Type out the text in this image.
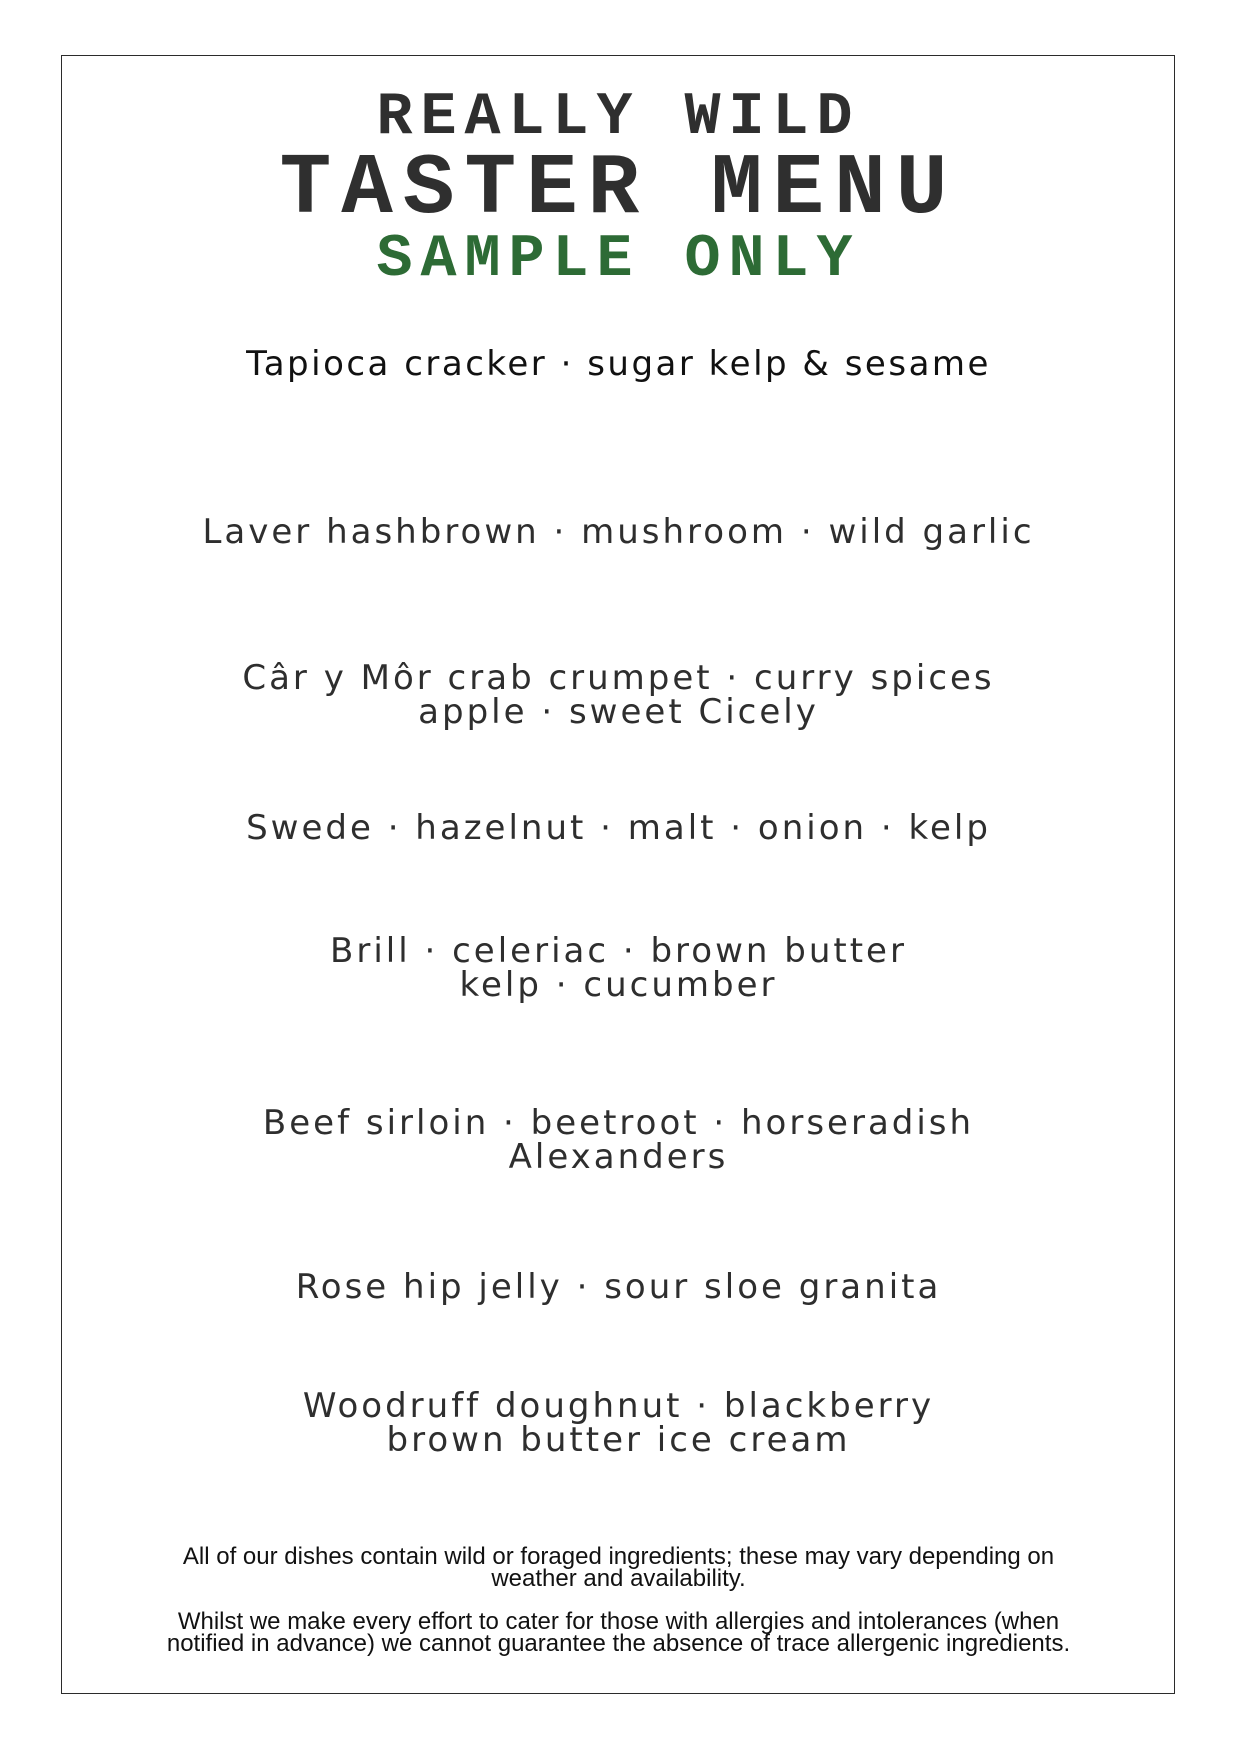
REALLY WILD
TASTER MENU
SAMPLE ONLY
Tapioca cracker · sugar kelp & sesame
Laver hashbrown · mushroom · wild garlic
Câr y Môr crab crumpet · curry spices
apple · sweet Cicely
Swede · hazelnut · malt · onion · kelp
Brill · celeriac · brown butter
kelp · cucumber
Beef sirloin · beetroot · horseradish
Alexanders
Rose hip jelly · sour sloe granita
Woodruff doughnut · blackberry
brown butter ice cream
All of our dishes contain wild or foraged ingredients; these may vary depending on
weather and availability.
Whilst we make every effort to cater for those with allergies and intolerances (when
notified in advance) we cannot guarantee the absence of trace allergenic ingredients.
